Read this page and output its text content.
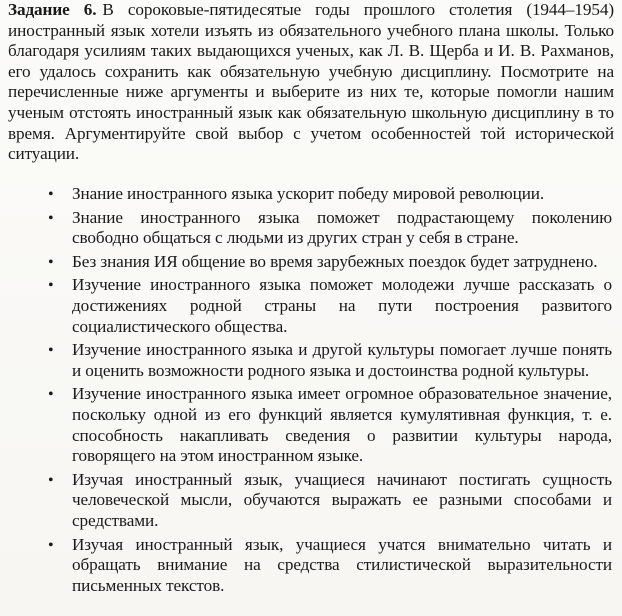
Задание 6. В сороковые-пятидесятые годы прошлого столетия (1944–1954) иностранный язык хотели изъять из обязательного учебного плана школы. Только благодаря усилиям таких выдающихся ученых, как Л. В. Щерба и И. В. Рахманов, его удалось сохранить как обязательную учебную дисциплину. Посмотрите на перечисленные ниже аргументы и выберите из них те, которые помогли нашим ученым отстоять иностранный язык как обязательную школьную дисциплину в то время. Аргументируйте свой выбор с учетом особенностей той исторической ситуации.
• Знание иностранного языка ускорит победу мировой революции.
• Знание иностранного языка поможет подрастающему поколению свободно общаться с людьми из других стран у себя в стране.
• Без знания ИЯ общение во время зарубежных поездок будет затруднено.
• Изучение иностранного языка поможет молодежи лучше рассказать о достижениях родной страны на пути построения развитого социалистического общества.
• Изучение иностранного языка и другой культуры помогает лучше понять и оценить возможности родного языка и достоинства родной культуры.
• Изучение иностранного языка имеет огромное образовательное значение, поскольку одной из его функций является кумулятивная функция, т. е. способность накапливать сведения о развитии культуры народа, говорящего на этом иностранном языке.
• Изучая иностранный язык, учащиеся начинают постигать сущность человеческой мысли, обучаются выражать ее разными способами и средствами.
• Изучая иностранный язык, учащиеся учатся внимательно читать и обращать внимание на средства стилистической выразительности письменных текстов.
